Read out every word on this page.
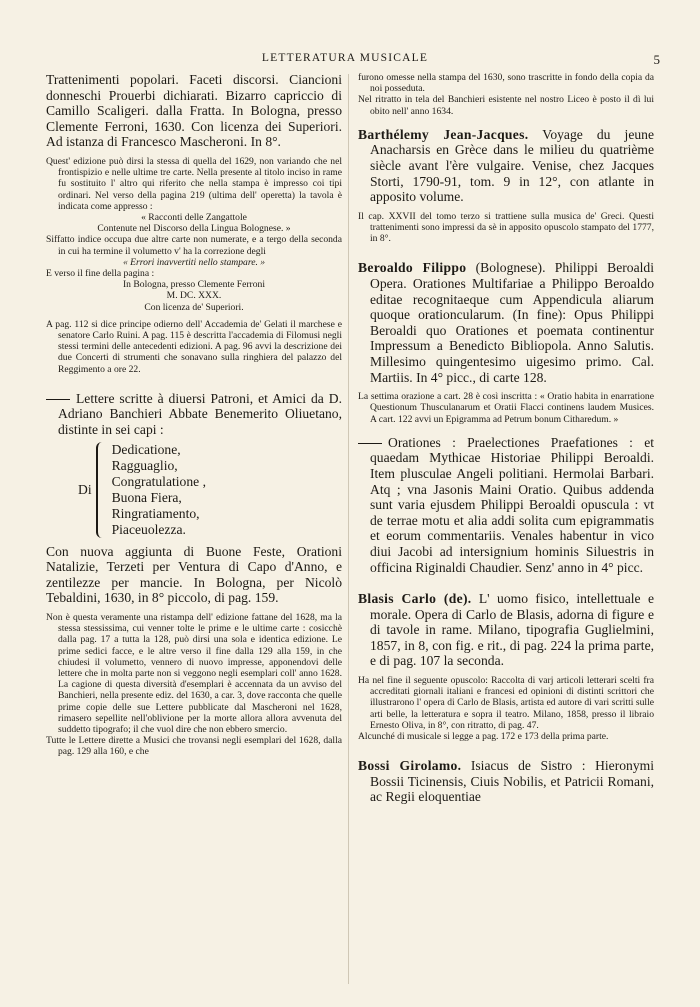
LETTERATURA MUSICALE	5

Trattenimenti popolari. Faceti discorsi. Ciancioni donneschi Prouerbi dichiarati. Bizarro capriccio di Camillo Scaligeri. dalla Fratta. In Bologna, presso Clemente Ferroni, 1630. Con licenza dei Superiori. Ad istanza di Francesco Mascheroni. In 8°.

Quest' edizione può dirsi la stessa di quella del 1629, non variando che nel frontispizio e nelle ultime tre carte. Nella presente al titolo inciso in rame fu sostituito l' altro qui riferito che nella stampa è impresso coi tipi ordinari. Nel verso della pagina 219 (ultima dell' operetta) la tavola è indicata come appresso :
« Racconti delle Zangattole
Contenute nel Discorso della Lingua Bolognese. »
Siffatto indice occupa due altre carte non numerate, e a tergo della seconda in cui ha termine il volumetto v' ha la correzione degli
« Errori inavvertiti nello stampare. »
E verso il fine della pagina :
In Bologna, presso Clemente Ferroni
M. DC. XXX.
Con licenza de' Superiori.
A pag. 112 si dice principe odierno dell' Accademia de' Gelati il marchese e senatore Carlo Ruini. A pag. 115 è descritta l'accademia di Filomusi negli stessi termini delle antecedenti edizioni. A pag. 96 avvi la descrizione dei due Concerti di strumenti che sonavano sulla ringhiera del palazzo del Reggimento a ore 22.

Lettere scritte à diuersi Patroni, et Amici da D. Adriano Banchieri Abbate Benemerito Oliuetano, distinte in sei capi :

Di
Dedicatione,
Ragguaglio,
Congratulatione ,
Buona Fiera,
Ringratiamento,
Piaceuolezza.

Con nuova aggiunta di Buone Feste, Orationi Natalizie, Terzeti per Ventura di Capo d'Anno, e zentilezze per mancie. In Bologna, per Nicolò Tebaldini, 1630, in 8° piccolo, di pag. 159.

Non è questa veramente una ristampa dell' edizione fattane del 1628, ma la stessa stessissima, cui venner tolte le prime e le ultime carte : cosicchè dalla pag. 17 a tutta la 128, può dirsi una sola e identica edizione. Le prime sedici facce, e le altre verso il fine dalla 129 alla 159, in che chiudesi il volumetto, vennero di nuovo impresse, apponendovi delle lettere che in molta parte non si veggono negli esemplari coll' anno 1628. La cagione di questa diversità d'esemplari è accennata da un avviso del Banchieri, nella presente ediz. del 1630, a car. 3, dove racconta che quelle prime copie delle sue Lettere pubblicate dal Mascheroni nel 1628, rimasero sepellite nell'oblivione per la morte allora allora avvenuta del suddetto tipografo; il che vuol dire che non ebbero smercio.
Tutte le Lettere dirette a Musici che trovansi negli esemplari del 1628, dalla pag. 129 alla 160, e che
furono omesse nella stampa del 1630, sono trascritte in fondo della copia da noi posseduta.
Nel ritratto in tela del Banchieri esistente nel nostro Liceo è posto il dì lui obito nell' anno 1634.

Barthélemy Jean-Jacques. Voyage du jeune Anacharsis en Grèce dans le milieu du quatrième siècle avant l'ère vulgaire. Venise, chez Jacques Storti, 1790-91, tom. 9 in 12°, con atlante in apposito volume.

Il cap. XXVII del tomo terzo si trattiene sulla musica de' Greci. Questi trattenimenti sono impressi da sè in apposito opuscolo stampato del 1777, in 8°.

Beroaldo Filippo (Bolognese). Philippi Beroaldi Opera. Orationes Multifariae a Philippo Beroaldo editae recognitaeque cum Appendicula aliarum quoque orationcularum. (In fine): Opus Philippi Beroaldi quo Orationes et poemata continentur Impressum a Benedicto Bibliopola. Anno Salutis. Millesimo quingentesimo uigesimo primo. Cal. Martiis. In 4° picc., di carte 128.

La settima orazione a cart. 28 è così inscritta : « Oratio habita in enarratione Questionum Thusculanarum et Oratii Flacci continens laudem Musices. A cart. 122 avvi un Epigramma ad Petrum bonum Citharedum. »

Orationes : Praelectiones Praefationes : et quaedam Mythicae Historiae Philippi Beroaldi. Item plusculae Angeli politiani. Hermolai Barbari. Atq ; vna Jasonis Maini Oratio. Quibus addenda sunt varia ejusdem Philippi Beroaldi opuscula : vt de terrae motu et alia addi solita cum epigrammatis et eorum commentariis. Venales habentur in vico diui Jacobi ad intersignium hominis Siluestris in officina Riginaldi Chaudier. Senz' anno in 4° picc.

Blasis Carlo (de). L' uomo fisico, intellettuale e morale. Opera di Carlo de Blasis, adorna di figure e di tavole in rame. Milano, tipografia Guglielmini, 1857, in 8, con fig. e rit., di pag. 224 la prima parte, e di pag. 107 la seconda.

Ha nel fine il seguente opuscolo: Raccolta di varj articoli letterari scelti fra accreditati giornali italiani e francesi ed opinioni di distinti scrittori che illustrarono l' opera di Carlo de Blasis, artista ed autore di vari scritti sulle arti belle, la letteratura e sopra il teatro. Milano, 1858, presso il libraio Ernesto Oliva, in 8°, con ritratto, di pag. 47.
Alcunché di musicale si legge a pag. 172 e 173 della prima parte.

Bossi Girolamo. Isiacus de Sistro : Hieronymi Bossii Ticinensis, Ciuis Nobilis, et Patricii Romani, ac Regii eloquentiae
